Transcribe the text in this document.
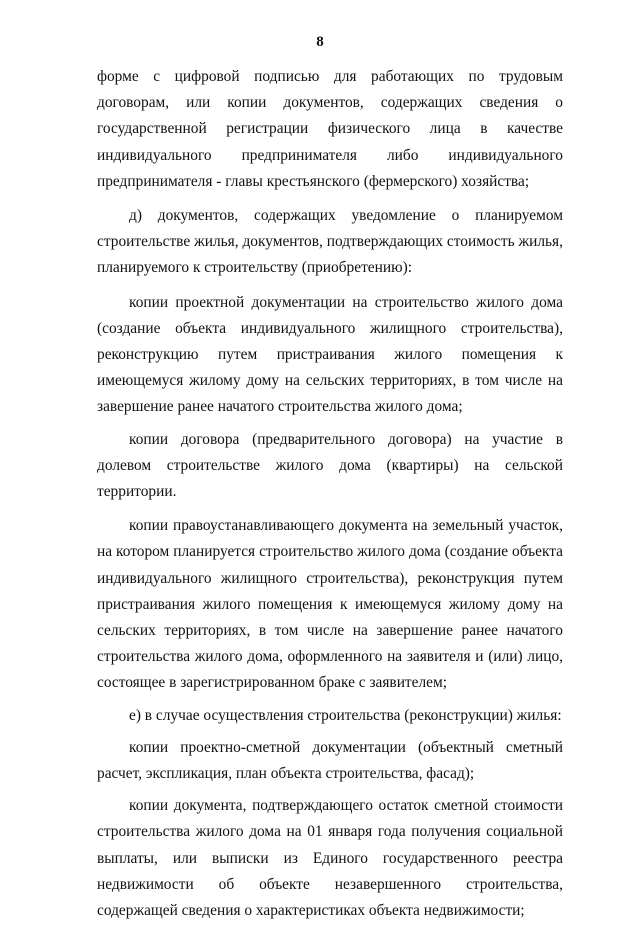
8

форме с цифровой подписью для работающих по трудовым договорам, или копии документов, содержащих сведения о государственной регистрации физического лица в качестве индивидуального предпринимателя либо индивидуального предпринимателя - главы крестьянского (фермерского) хозяйства;

д) документов, содержащих уведомление о планируемом строительстве жилья, документов, подтверждающих стоимость жилья, планируемого к строительству (приобретению):

копии проектной документации на строительство жилого дома (создание объекта индивидуального жилищного строительства), реконструкцию путем пристраивания жилого помещения к имеющемуся жилому дому на сельских территориях, в том числе на завершение ранее начатого строительства жилого дома;

копии договора (предварительного договора) на участие в долевом строительстве жилого дома (квартиры) на сельской территории.

копии правоустанавливающего документа на земельный участок, на котором планируется строительство жилого дома (создание объекта индивидуального жилищного строительства), реконструкция путем пристраивания жилого помещения к имеющемуся жилому дому на сельских территориях, в том числе на завершение ранее начатого строительства жилого дома, оформленного на заявителя и (или) лицо, состоящее в зарегистрированном браке с заявителем;

е) в случае осуществления строительства (реконструкции) жилья:

копии проектно-сметной документации (объектный сметный расчет, экспликация, план объекта строительства, фасад);

копии документа, подтверждающего остаток сметной стоимости строительства жилого дома на 01 января года получения социальной выплаты, или выписки из Единого государственного реестра недвижимости об объекте незавершенного строительства, содержащей сведения о характеристиках объекта недвижимости;
